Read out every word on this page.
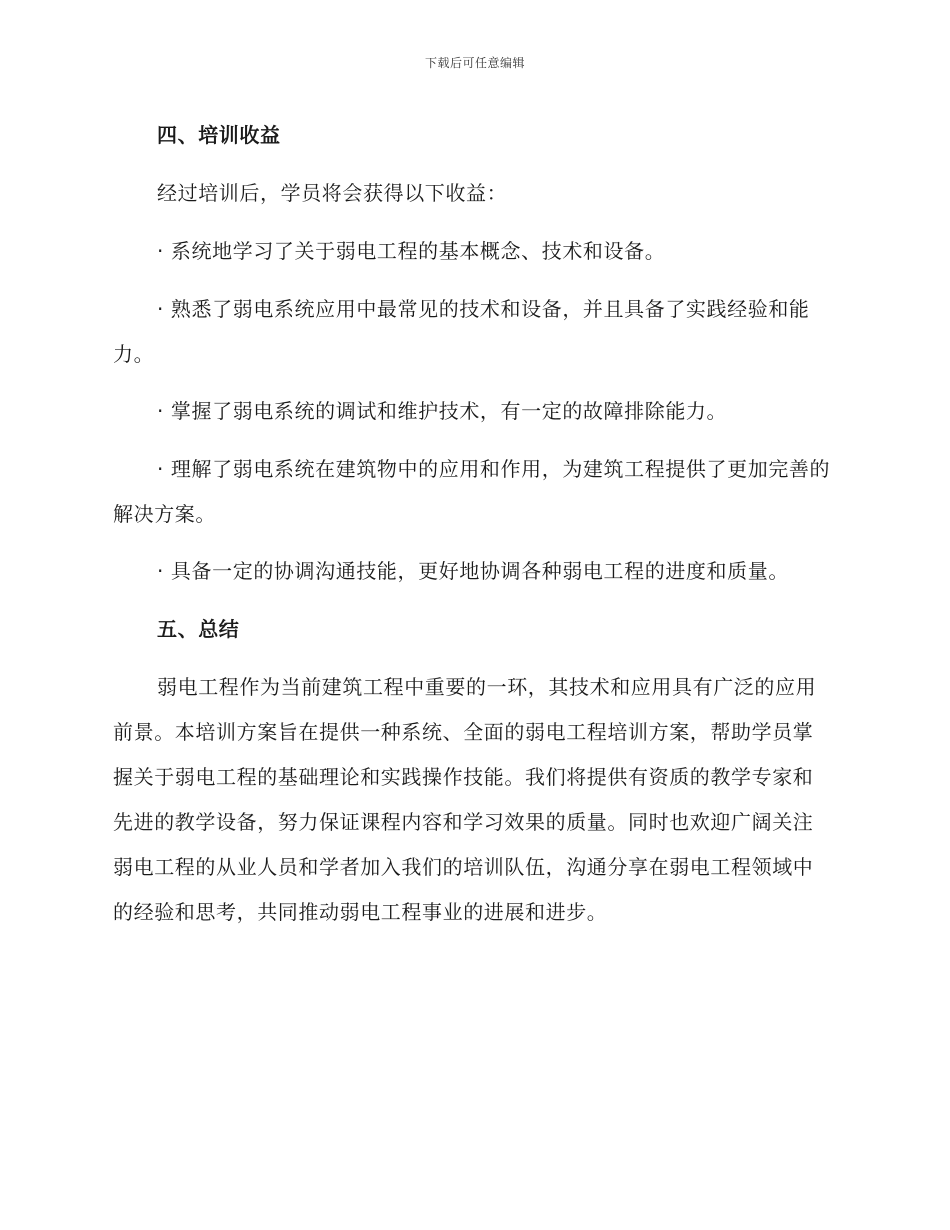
下载后可任意编辑

四、培训收益

经过培训后，学员将会获得以下收益：

· 系统地学习了关于弱电工程的基本概念、技术和设备。

· 熟悉了弱电系统应用中最常见的技术和设备，并且具备了实践经验和能力。

· 掌握了弱电系统的调试和维护技术，有一定的故障排除能力。

· 理解了弱电系统在建筑物中的应用和作用，为建筑工程提供了更加完善的解决方案。

· 具备一定的协调沟通技能，更好地协调各种弱电工程的进度和质量。

五、总结

弱电工程作为当前建筑工程中重要的一环，其技术和应用具有广泛的应用前景。本培训方案旨在提供一种系统、全面的弱电工程培训方案，帮助学员掌握关于弱电工程的基础理论和实践操作技能。我们将提供有资质的教学专家和先进的教学设备，努力保证课程内容和学习效果的质量。同时也欢迎广阔关注弱电工程的从业人员和学者加入我们的培训队伍，沟通分享在弱电工程领域中的经验和思考，共同推动弱电工程事业的进展和进步。
